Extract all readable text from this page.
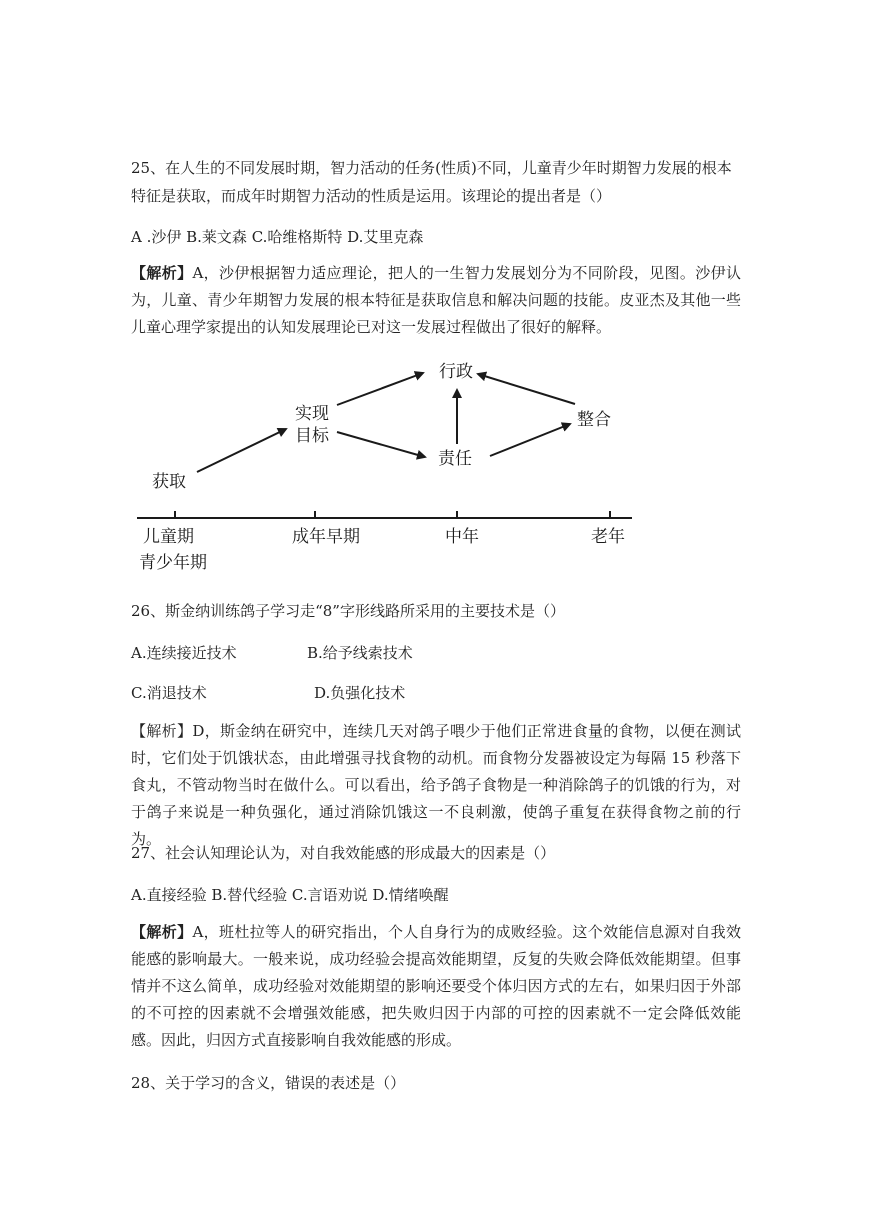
25、在人生的不同发展时期，智力活动的任务(性质)不同，儿童青少年时期智力发展的根本
特征是获取，而成年时期智力活动的性质是运用。该理论的提出者是（）
A .沙伊 B.莱文森 C.哈维格斯特 D.艾里克森
【解析】A，沙伊根据智力适应理论，把人的一生智力发展划分为不同阶段，见图。沙伊认为，儿童、青少年期智力发展的根本特征是获取信息和解决问题的技能。皮亚杰及其他一些儿童心理学家提出的认知发展理论已对这一发展过程做出了很好的解释。
获取
实现
目标
行政
责任
整合
儿童期
青少年期
成年早期	中年	老年
26、斯金纳训练鸽子学习走“8”字形线路所采用的主要技术是（）
A.连续接近技术	B.给予线索技术
C.消退技术	D.负强化技术
【解析】D，斯金纳在研究中，连续几天对鸽子喂少于他们正常进食量的食物，以便在测试时，它们处于饥饿状态，由此增强寻找食物的动机。而食物分发器被设定为每隔 15 秒落下食丸，不管动物当时在做什么。可以看出，给予鸽子食物是一种消除鸽子的饥饿的行为，对于鸽子来说是一种负强化，通过消除饥饿这一不良刺激，使鸽子重复在获得食物之前的行为。
27、社会认知理论认为，对自我效能感的形成最大的因素是（）
A.直接经验 B.替代经验 C.言语劝说 D.情绪唤醒
【解析】A，班杜拉等人的研究指出，个人自身行为的成败经验。这个效能信息源对自我效能感的影响最大。一般来说，成功经验会提高效能期望，反复的失败会降低效能期望。但事情并不这么简单，成功经验对效能期望的影响还要受个体归因方式的左右，如果归因于外部的不可控的因素就不会增强效能感，把失败归因于内部的可控的因素就不一定会降低效能感。因此，归因方式直接影响自我效能感的形成。
28、关于学习的含义，错误的表述是（）
